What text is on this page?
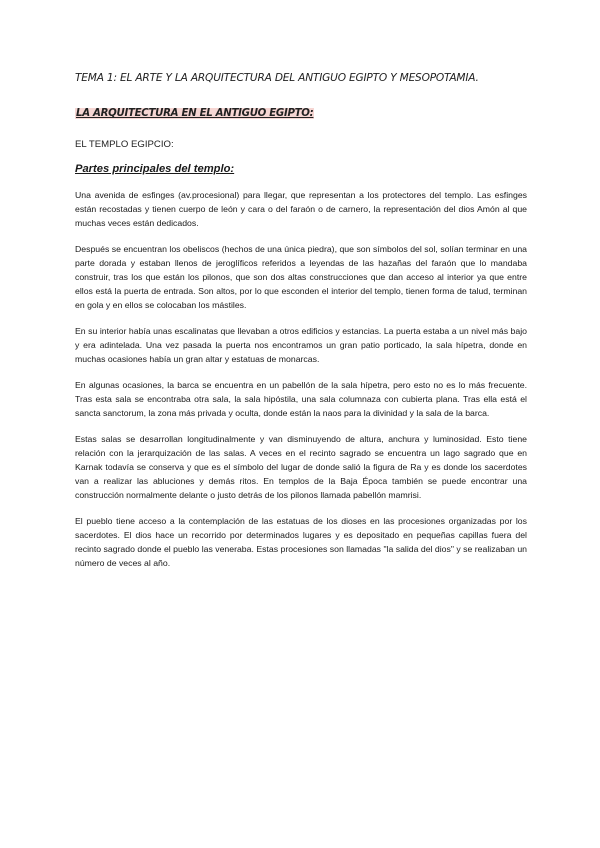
TEMA 1: EL ARTE Y LA ARQUITECTURA DEL ANTIGUO EGIPTO Y MESOPOTAMIA.
LA ARQUITECTURA EN EL ANTIGUO EGIPTO:
EL TEMPLO EGIPCIO:
Partes principales del templo:

Una avenida de esfinges (av.procesional) para llegar, que representan a los protectores del templo. Las esfinges están recostadas y tienen cuerpo de león y cara o del faraón o de carnero, la representación del dios Amón al que muchas veces están dedicados.

Después se encuentran los obeliscos (hechos de una única piedra), que son símbolos del sol, solían terminar en una parte dorada y estaban llenos de jeroglíficos referidos a leyendas de las hazañas del faraón que lo mandaba construir, tras los que están los pilonos, que son dos altas construcciones que dan acceso al interior ya que entre ellos está la puerta de entrada. Son altos, por lo que esconden el interior del templo, tienen forma de talud, terminan en gola y en ellos se colocaban los mástiles.

En su interior había unas escalinatas que llevaban a otros edificios y estancias. La puerta estaba a un nivel más bajo y era adintelada. Una vez pasada la puerta nos encontramos un gran patio porticado, la sala hípetra, donde en muchas ocasiones había un gran altar y estatuas de monarcas.

En algunas ocasiones, la barca se encuentra en un pabellón de la sala hípetra, pero esto no es lo más frecuente. Tras esta sala se encontraba otra sala, la sala hipóstila, una sala columnaza con cubierta plana. Tras ella está el sancta sanctorum, la zona más privada y oculta, donde están la naos para la divinidad y la sala de la barca.

Estas salas se desarrollan longitudinalmente y van disminuyendo de altura, anchura y luminosidad. Esto tiene relación con la jerarquización de las salas. A veces en el recinto sagrado se encuentra un lago sagrado que en Karnak todavía se conserva y que es el símbolo del lugar de donde salió la figura de Ra y es donde los sacerdotes van a realizar las abluciones y demás ritos. En templos de la Baja Época también se puede encontrar una construcción normalmente delante o justo detrás de los pilonos llamada pabellón mamrisi.

El pueblo tiene acceso a la contemplación de las estatuas de los dioses en las procesiones organizadas por los sacerdotes. El dios hace un recorrido por determinados lugares y es depositado en pequeñas capillas fuera del recinto sagrado donde el pueblo las veneraba. Estas procesiones son llamadas "la salida del dios" y se realizaban un número de veces al año.
